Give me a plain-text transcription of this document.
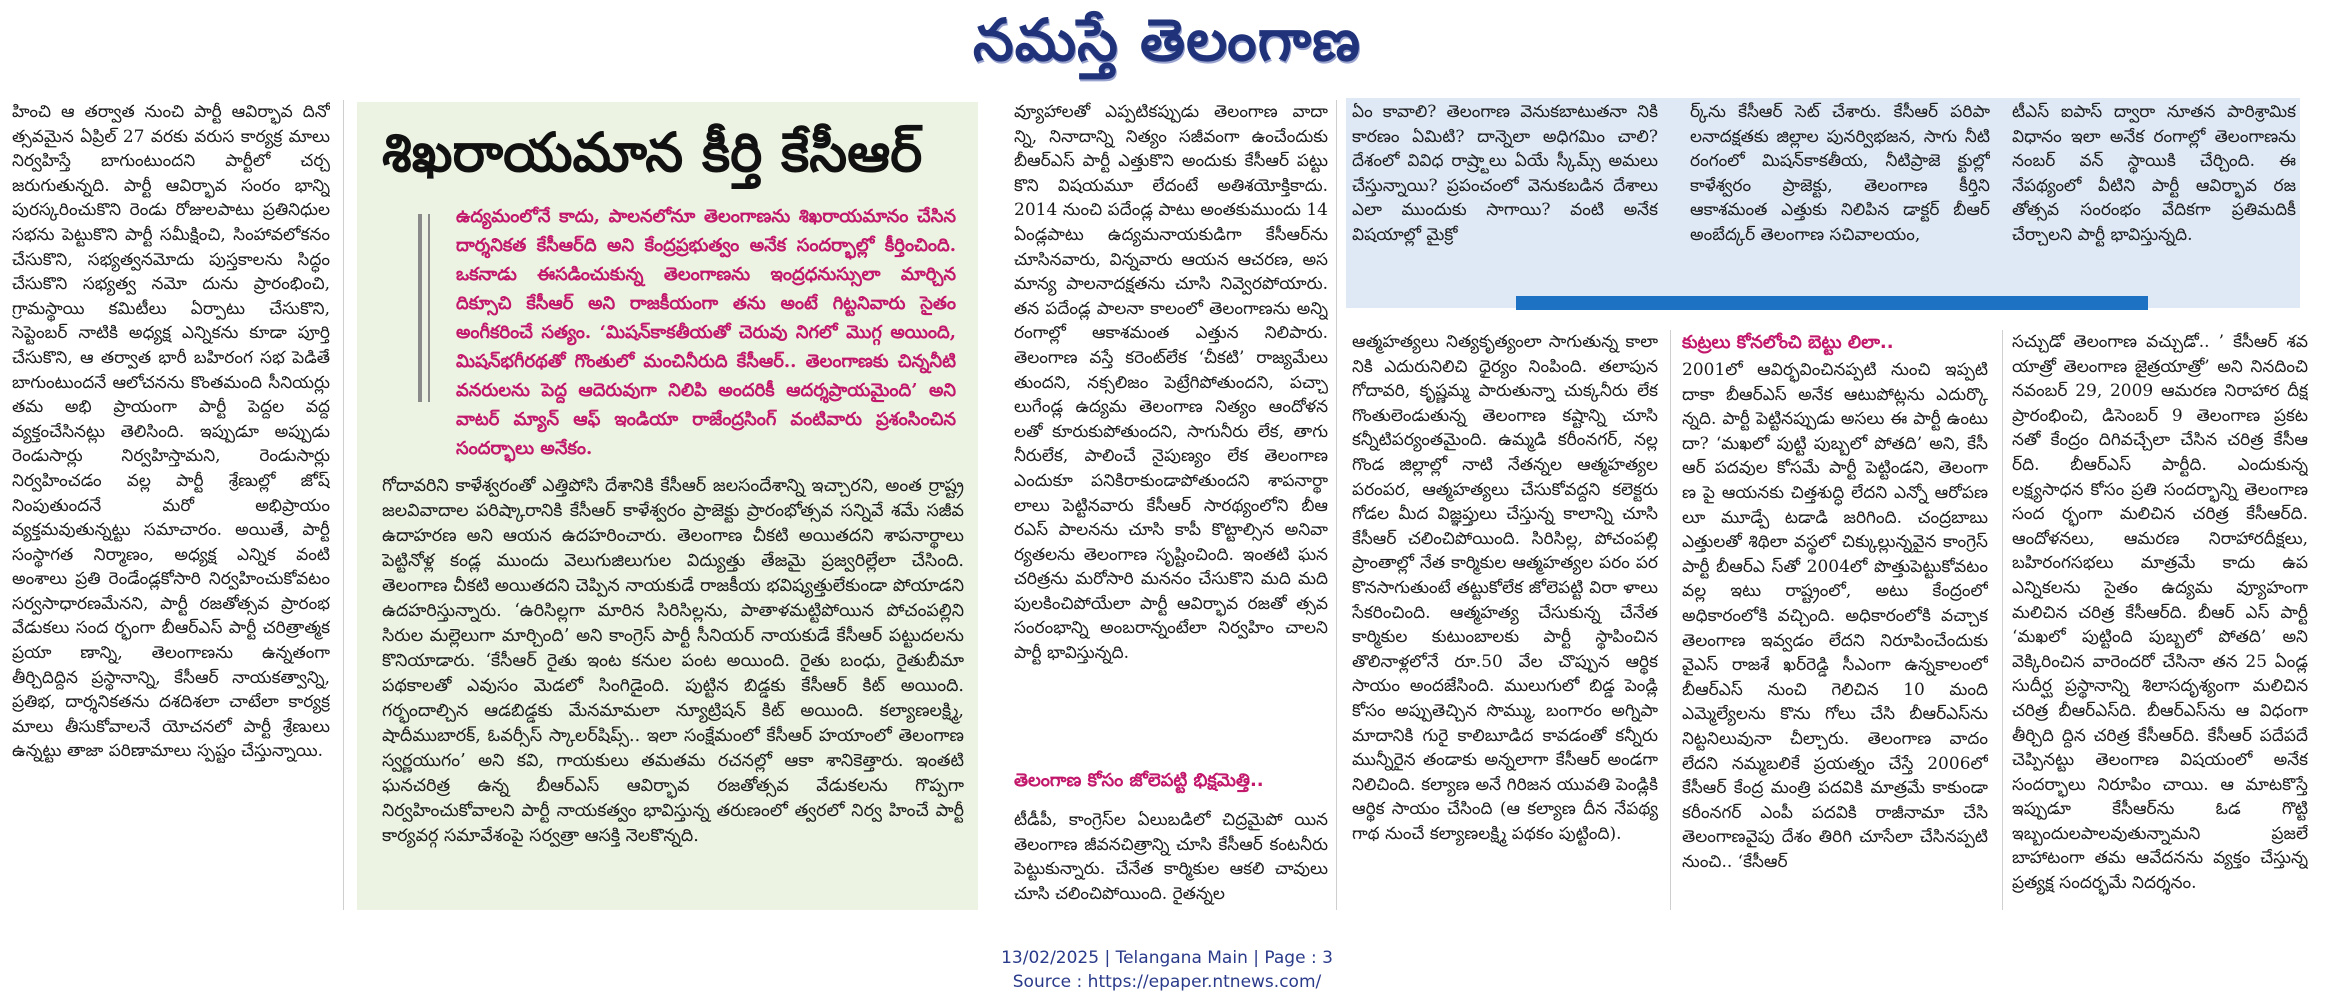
నమస్తే తెలంగాణ

హించి ఆ తర్వాత నుంచి పార్టీ ఆవిర్భావ దినో త్సవమైన ఏప్రిల్ 27 వరకు వరుస కార్యక్ర మాలు నిర్వహిస్తే బాగుంటుందని పార్టీలో చర్చ జరుగుతున్నది. పార్టీ ఆవిర్భావ సంరం భాన్ని పురస్కరించుకొని రెండు రోజులపాటు ప్రతినిధుల సభను పెట్టుకొని పార్టీ సమీక్షించి, సింహావలోకనం చేసుకొని, సభ్యత్వనమోదు పుస్తకాలను సిద్ధం చేసుకొని సభ్యత్వ నమో దును ప్రారంభించి, గ్రామస్థాయి కమిటీలు ఏర్పాటు చేసుకొని, సెప్టెంబర్ నాటికి అధ్యక్ష ఎన్నికను కూడా పూర్తి చేసుకొని, ఆ తర్వాత భారీ బహిరంగ సభ పెడితే బాగుంటుందనే ఆలోచనను కొంతమంది సీనియర్లు తమ అభి ప్రాయంగా పార్టీ పెద్దల వద్ద వ్యక్తంచేసినట్లు తెలిసింది. ఇప్పుడూ అప్పుడు రెండుసార్లు నిర్వహిస్తామని, రెండుసార్లు నిర్వహించడం వల్ల పార్టీ శ్రేణుల్లో జోష్ నింపుతుందనే మరో అభిప్రాయం వ్యక్తమవుతున్నట్టు సమాచారం. అయితే, పార్టీ సంస్థాగత నిర్మాణం, అధ్యక్ష ఎన్నిక వంటి అంశాలు ప్రతి రెండేండ్లకోసారి నిర్వహించుకోవటం సర్వసాధారణమేనని, పార్టీ రజతోత్సవ ప్రారంభ వేడుకలు సంద ర్భంగా బీఆర్‌ఎస్ పార్టీ చరిత్రాత్మక ప్రయా ణాన్ని, తెలంగాణను ఉన్నతంగా తీర్చిదిద్దిన ప్రస్థానాన్ని, కేసీఆర్ నాయకత్వాన్ని, ప్రతిభ, దార్శనికతను దశదిశలా చాటేలా కార్యక్ర మాలు తీసుకోవాలనే యోచనలో పార్టీ శ్రేణులు ఉన్నట్టు తాజా పరిణామాలు స్పష్టం చేస్తున్నాయి.

శిఖరాయమాన కీర్తి కేసీఆర్
ఉద్యమంలోనే కాదు, పాలనలోనూ తెలంగాణను శిఖరాయమానం చేసిన దార్శనికత కేసీఆర్‌ది అని కేంద్రప్రభుత్వం అనేక సందర్భాల్లో కీర్తించింది. ఒకనాడు ఈసడించుకున్న తెలంగాణను ఇంద్రధనుస్సులా మార్చిన దిక్సూచి కేసీఆర్ అని రాజకీయంగా తను అంటే గిట్టనివారు సైతం అంగీకరించే సత్యం. ‘మిషన్‌కాకతీయతో చెరువు నిగలో మొగ్గ అయింది, మిషన్‌భగీరథతో గొంతులో మంచినీరుది కేసీఆర్.. తెలంగాణకు చిన్ననీటి వనరులను పెద్ద ఆదెరువుగా నిలిపి అందరికీ ఆదర్శప్రాయమైంది’ అని వాటర్ మ్యాన్ ఆఫ్ ఇండియా రాజేంద్రసింగ్ వంటివారు ప్రశంసించిన సందర్భాలు అనేకం.

గోదావరిని కాళేశ్వరంతో ఎత్తిపోసి దేశానికి కేసీఆర్ జలసందేశాన్ని ఇచ్చారని, అంత ర్రాష్ట్ర జలవివాదాల పరిష్కారానికి కేసీఆర్ కాళేశ్వరం ప్రాజెక్టు ప్రారంభోత్సవ సన్నివే శమే సజీవ ఉదాహరణ అని ఆయన ఉదహరించారు. తెలంగాణ చీకటి అయితదని శాపనార్థాలు పెట్టినోళ్ల కండ్ల ముందు వెలుగుజిలుగుల విద్యుత్తు తేజమై ప్రజ్వరిల్లేలా చేసింది. తెలంగాణ చీకటి అయితదని చెప్పిన నాయకుడే రాజకీయ భవిష్యత్తులేకుండా పోయాడని ఉదహరిస్తున్నారు. ‘ఉరిసిల్లగా మారిన సిరిసిల్లను, పాతాళమట్టిపోయిన పోచంపల్లిని సిరుల మల్లెలుగా మార్చింది’ అని కాంగ్రెస్ పార్టీ సీనియర్ నాయకుడే కేసీఆర్ పట్టుదలను కొనియాడారు. ‘కేసీఆర్ రైతు ఇంట కనుల పంట అయింది. రైతు బంధు, రైతుబీమా పథకాలతో ఎవుసం మెడలో సింగిడైంది. పుట్టిన బిడ్డకు కేసీఆర్ కిట్ అయింది. గర్భందాల్చిన ఆడబిడ్డకు మేనమామలా న్యూట్రిషన్ కిట్ అయింది. కల్యాణలక్ష్మి, షాదీముబారక్, ఓవర్సీస్ స్కాలర్‌షిప్స్.. ఇలా సంక్షేమంలో కేసీఆర్ హయాంలో తెలంగాణ స్వర్ణయుగం’ అని కవి, గాయకులు తమతమ రచనల్లో ఆకా శానికెత్తారు. ఇంతటి ఘనచరిత్ర ఉన్న బీఆర్‌ఎస్ ఆవిర్భావ రజతోత్సవ వేడుకలను గొప్పగా నిర్వహించుకోవాలని పార్టీ నాయకత్వం భావిస్తున్న తరుణంలో త్వరలో నిర్వ హించే పార్టీ కార్యవర్గ సమావేశంపై సర్వత్రా ఆసక్తి నెలకొన్నది.

వ్యూహాలతో ఎప్పటికప్పుడు తెలంగాణ వాదా న్ని, నినాదాన్ని నిత్యం సజీవంగా ఉంచేందుకు బీఆర్‌ఎస్ పార్టీ ఎత్తుకొని అందుకు కేసీఆర్ పట్టు కొని విషయమూ లేదంటే అతిశయోక్తికాదు. 2014 నుంచి పదేండ్ల పాటు అంతకుముందు 14 ఏండ్లపాటు ఉద్యమనాయకుడిగా కేసీఆర్‌ను చూసినవారు, విన్నవారు ఆయన ఆచరణ, అస మాన్య పాలనాదక్షతను చూసి నివ్వెరపోయారు. తన పదేండ్ల పాలనా కాలంలో తెలంగాణను అన్ని రంగాల్లో ఆకాశమంత ఎత్తున నిలిపారు. తెలంగాణ వస్తే కరెంట్‌లేక ‘చీకటి’ రాజ్యమేలు తుందని, నక్సలిజం పెట్రేగిపోతుందని, పచ్చా లుగేండ్ల ఉద్యమ తెలంగాణ నిత్యం ఆందోళన లతో కూరుకుపోతుందని, సాగునీరు లేక, తాగు నీరులేక, పాలించే నైపుణ్యం లేక తెలంగాణ ఎందుకూ పనికిరాకుండాపోతుందని శాపనార్థా లాలు పెట్టినవారు కేసీఆర్ సారథ్యంలోని బీఆ రఎస్ పాలనను చూసి కాపీ కొట్టాల్సిన అనివా ర్యతలను తెలంగాణ సృష్టించింది. ఇంతటి ఘన చరిత్రను మరోసారి మననం చేసుకొని మది మది పులకించిపోయేలా పార్టీ ఆవిర్భావ రజతో త్సవ సంరంభాన్ని అంబరాన్నంటేలా నిర్వహిం చాలని పార్టీ భావిస్తున్నది.

తెలంగాణ కోసం జోలెపట్టి భిక్షమెత్తి..

టీడీపీ, కాంగ్రెస్‌ల ఏలుబడిలో చిద్రమైపో యిన తెలంగాణ జీవనచిత్రాన్ని చూసి కేసీఆర్ కంటనీరు పెట్టుకున్నారు. చేనేత కార్మికుల ఆకలి చావులు చూసి చలించిపోయింది. రైతన్నల

ఏం కావాలి? తెలంగాణ వెనుకబాటుతనా నికి కారణం ఏమిటి? దాన్నెలా అధిగమిం చాలి? దేశంలో వివిధ రాష్ర్టాలు ఏయే స్కీమ్స్ అమలు చేస్తున్నాయి? ప్రపంచంలో వెనుకబడిన దేశాలు ఎలా ముందుకు సాగాయి? వంటి అనేక విషయాల్లో మైక్రో

ర్క్‌ను కేసీఆర్ సెట్ చేశారు. కేసీఆర్ పరిపా లనాదక్షతకు జిల్లాల పునర్విభజన, సాగు నీటి రంగంలో మిషన్‌కాకతీయ, నీటిప్రాజె క్టుల్లో కాళేశ్వరం ప్రాజెక్టు, తెలంగాణ కీర్తిని ఆకాశమంత ఎత్తుకు నిలిపిన డాక్టర్ బీఆర్ అంబేద్కర్ తెలంగాణ సచివాలయం,

టీఎస్ ఐపాస్ ద్వారా నూతన పారిశ్రామిక విధానం ఇలా అనేక రంగాల్లో తెలంగాణను నంబర్ వన్ స్థాయికి చేర్చింది. ఈ నేపథ్యంలో వీటిని పార్టీ ఆవిర్భావ రజ తోత్సవ సంరంభం వేదికగా ప్రతిమదికీ చేర్చాలని పార్టీ భావిస్తున్నది.

ఆత్మహత్యలు నిత్యకృత్యంలా సాగుతున్న కాలా నికి ఎదురునిలిచి ధైర్యం నింపింది. తలాపున గోదావరి, కృష్ణమ్మ పారుతున్నా చుక్కనీరు లేక గొంతులెండుతున్న తెలంగాణ కష్టాన్ని చూసి కన్నీటిపర్యంతమైంది. ఉమ్మడి కరీంనగర్, నల్ల గొండ జిల్లాల్లో నాటి నేతన్నల ఆత్మహత్యల పరంపర, ఆత్మహత్యలు చేసుకోవద్దని కలెక్టరు గోడల మీద విజ్ఞప్తులు చేస్తున్న కాలాన్ని చూసి కేసీఆర్ చలించిపోయింది. సిరిసిల్ల, పోచంపల్లి ప్రాంతాల్లో నేత కార్మికుల ఆత్మహత్యల పరం పర కొనసాగుతుంటే తట్టుకోలేక జోలెపట్టి విరా ళాలు సేకరించింది. ఆత్మహత్య చేసుకున్న చేనేత కార్మికుల కుటుంబాలకు పార్టీ స్థాపించిన తొలినాళ్లలోనే రూ.50 వేల చొప్పున ఆర్థిక సాయం అందజేసింది. ములుగులో బిడ్డ పెండ్లి కోసం అప్పుతెచ్చిన సొమ్ము, బంగారం అగ్నిపా మాదానికి గురై కాలిబూడిద కావడంతో కన్నీరు మున్నీరైన తండాకు అన్నలాగా కేసీఆర్ అండగా నిలిచింది. కల్యాణ అనే గిరిజన యువతి పెండ్లికి ఆర్థిక సాయం చేసింది (ఆ కల్యాణ దీన నేపథ్య గాథ నుంచే కల్యాణలక్ష్మి పథకం పుట్టింది).

కుట్రలు కోనలోంచి బెట్టు లిలా..

2001లో ఆవిర్భవించినప్పటి నుంచి ఇప్పటి దాకా బీఆర్‌ఎస్ అనేక ఆటుపోట్లను ఎదుర్కొ న్నది. పార్టీ పెట్టినప్పుడు అసలు ఈ పార్టీ ఉంటు దా? ‘మఖలో పుట్టి పుబ్బలో పోతది’ అని, కేసీ ఆర్ పదవుల కోసమే పార్టీ పెట్టిండని, తెలంగా ణ పై ఆయనకు చిత్తశుద్ధి లేదని ఎన్నో ఆరోపణ లూ మూడ్పే టడాడి జరిగింది. చంద్రబాబు ఎత్తులతో శిథిలా వస్థలో చిక్కుల్లున్నవైన కాంగ్రెస్ పార్టీ బీఆర్‌ఎ స్‌తో 2004లో పొత్తుపెట్టుకోవటం వల్ల ఇటు రాష్ట్రంలో, అటు కేంద్రంలో అధికారంలోకి వచ్చింది. అధికారంలోకి వచ్చాక తెలంగాణ ఇవ్వడం లేదని నిరూపించేందుకు వైఎస్ రాజశే ఖర్‌రెడ్డి సీఎంగా ఉన్నకాలంలో బీఆర్‌ఎస్ నుంచి గెలిచిన 10 మంది ఎమ్మెల్యేలను కొను గోలు చేసి బీఆర్‌ఎస్‌ను నిట్టనిలువునా చీల్చారు. తెలంగాణ వాదం లేదని నమ్మబలికే ప్రయత్నం చేస్తే 2006లో కేసీఆర్ కేంద్ర మంత్రి పదవికి మాత్రమే కాకుండా కరీంనగర్ ఎంపీ పదవికి రాజీనామా చేసి తెలంగాణవైపు దేశం తిరిగి చూసేలా చేసినప్పటి నుంచి.. ‘కేసీఆర్

సచ్చుడో తెలంగాణ వచ్చుడో.. ’ కేసీఆర్ శవ యాత్రో తెలంగాణ జైత్రయాత్రో’ అని నినదించి నవంబర్ 29, 2009 ఆమరణ నిరాహార దీక్ష ప్రారంభించి, డిసెంబర్ 9 తెలంగాణ ప్రకట నతో కేంద్రం దిగివచ్చేలా చేసిన చరిత్ర కేసీఆ ర్‌ది. బీఆర్‌ఎస్ పార్టీది. ఎందుకున్న లక్ష్యసాధన కోసం ప్రతి సందర్భాన్ని తెలంగాణ సంద ర్భంగా మలిచిన చరిత్ర కేసీఆర్‌ది. ఆందోళనలు, ఆమరణ నిరాహారదీక్షలు, బహిరంగసభలు మాత్రమే కాదు ఉప ఎన్నికలను సైతం ఉద్యమ వ్యూహంగా మలిచిన చరిత్ర కేసీఆర్‌ది. బీఆర్ ఎస్ పార్టీ ‘మఖలో పుట్టింది పుబ్బలో పోతది’ అని వెక్కిరించిన వారెందరో చేసినా తన 25 ఏండ్ల సుదీర్ఘ ప్రస్థానాన్ని శిలాసదృశ్యంగా మలిచిన చరిత్ర బీఆర్‌ఎస్‌ది. బీఆర్‌ఎస్‌ను ఆ విధంగా తీర్చిది ద్దిన చరిత్ర కేసీఆర్‌ది. కేసీఆర్ పదేపదే చెప్పినట్టు తెలంగాణ విషయంలో అనేక సందర్భాలు నిరూపిం చాయి. ఆ మాటకొస్తే ఇప్పుడూ కేసీఆర్‌ను ఓడ గొట్టి ఇబ్బందులపాలవుతున్నామని ప్రజలే బాహాటంగా తమ ఆవేదనను వ్యక్తం చేస్తున్న ప్రత్యక్ష సందర్భమే నిదర్శనం.

13/02/2025 | Telangana Main | Page : 3
Source : https://epaper.ntnews.com/
